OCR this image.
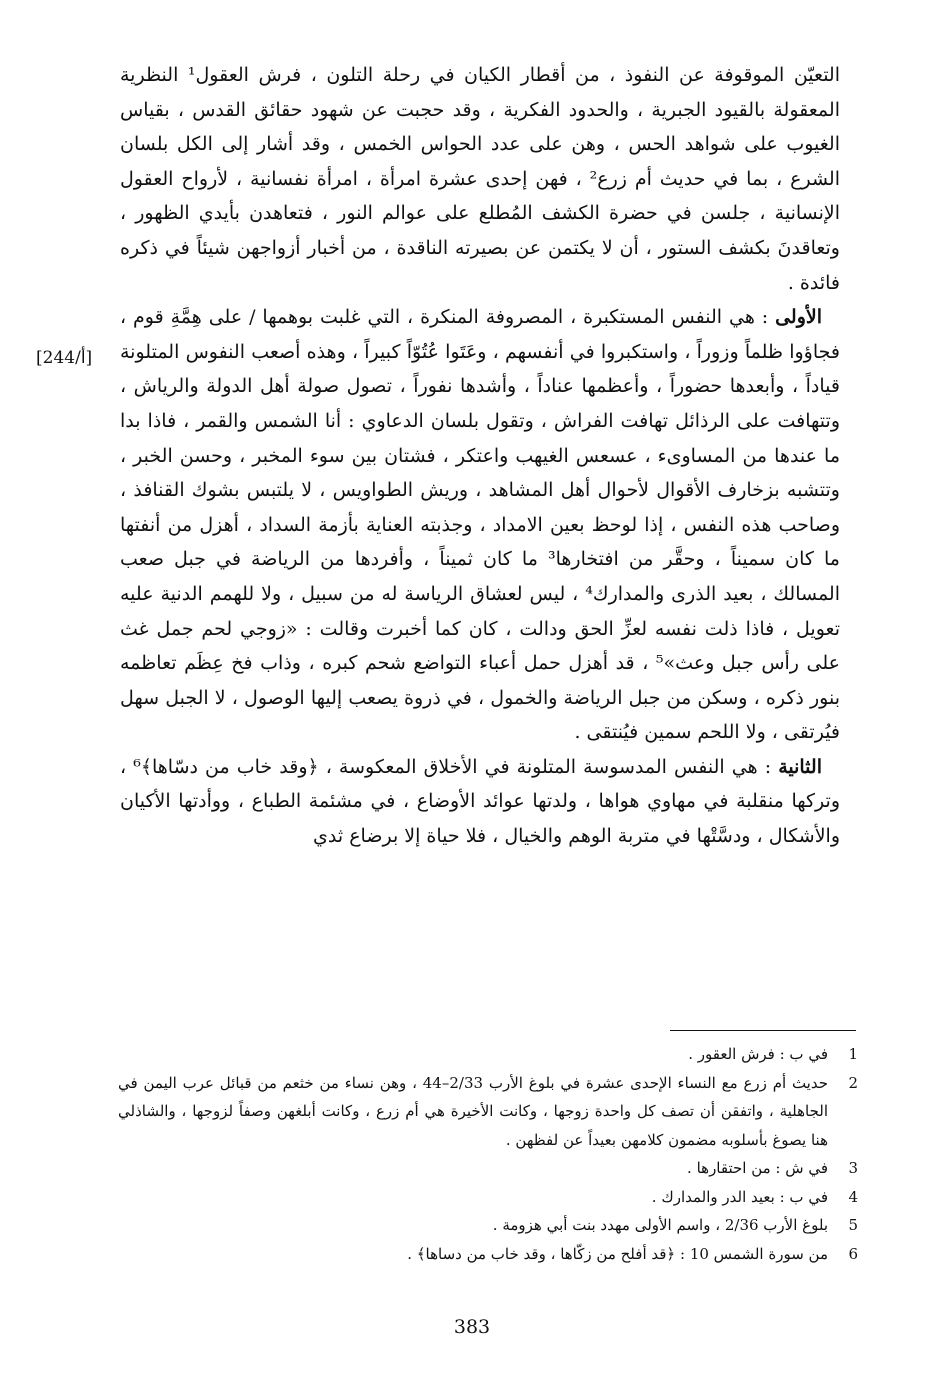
التعيّن الموقوفة عن النفوذ ، من أقطار الكيان في رحلة التلون ، فرش العقول¹ النظرية المعقولة بالقيود الجبرية ، والحدود الفكرية ، وقد حجبت عن شهود حقائق القدس ، بقياس الغيوب على شواهد الحس ، وهن على عدد الحواس الخمس ، وقد أشار إلى الكل بلسان الشرع ، بما في حديث أم زرع² ، فهن إحدى عشرة امرأة ، امرأة نفسانية ، لأرواح العقول الإنسانية ، جلسن في حضرة الكشف المُطلع على عوالم النور ، فتعاهدن بأيدي الظهور ، وتعاقدنَ بكشف الستور ، أن لا يكتمن عن بصيرته الناقدة ، من أخبار أزواجهن شيئاً في ذكره فائدة .

الأولى : هي النفس المستكبرة ، المصروفة المنكرة ، التي غلبت بوهمها / على هِمَّةِ قوم ، فجاؤوا ظلماً وزوراً ، واستكبروا في أنفسهم ، وعَتَوا عُتُوّاً كبيراً ، وهذه أصعب النفوس المتلونة قياداً ، وأبعدها حضوراً ، وأعظمها عناداً ، وأشدها نفوراً ، تصول صولة أهل الدولة والرياش ، وتتهافت على الرذائل تهافت الفراش ، وتقول بلسان الدعاوي : أنا الشمس والقمر ، فاذا بدا ما عندها من المساوىء ، عسعس الغيهب واعتكر ، فشتان بين سوء المخبر ، وحسن الخبر ، وتتشبه بزخارف الأقوال لأحوال أهل المشاهد ، وريش الطواويس ، لا يلتبس بشوك القنافذ ، وصاحب هذه النفس ، إذا لوحظ بعين الامداد ، وجذبته العناية بأزمة السداد ، أهزل من أنفتها ما كان سميناً ، وحقَّر من افتخارها³ ما كان ثميناً ، وأفردها من الرياضة في جبل صعب المسالك ، بعيد الذرى والمدارك⁴ ، ليس لعشاق الرياسة له من سبيل ، ولا للهمم الدنية عليه تعويل ، فاذا ذلت نفسه لعزِّ الحق ودالت ، كان كما أخبرت وقالت : «زوجي لحم جمل غث على رأس جبل وعث»⁵ ، قد أهزل حمل أعباء التواضع شحم كبره ، وذاب فخ عِظَم تعاظمه بنور ذكره ، وسكن من جبل الرياضة والخمول ، في ذروة يصعب إليها الوصول ، لا الجبل سهل فيُرتقى ، ولا اللحم سمين فيُنتقى .

الثانية : هي النفس المدسوسة المتلونة في الأخلاق المعكوسة ، ﴿وقد خاب من دسّاها﴾⁶ ، وتركها منقلبة في مهاوي هواها ، ولدتها عوائد الأوضاع ، في مشئمة الطباع ، ووأدتها الأكيان والأشكال ، ودسَّتْها في متربة الوهم والخيال ، فلا حياة إلا برضاع ثدي

[244/أ]
1
في ب : فرش العقور .
2
حديث أم زرع مع النساء الإحدى عشرة في بلوغ الأرب 2/33–44 ، وهن نساء من خثعم من قبائل عرب اليمن في الجاهلية ، واتفقن أن تصف كل واحدة زوجها ، وكانت الأخيرة هي أم زرع ، وكانت أبلغهن وصفاً لزوجها ، والشاذلي هنا يصوغ بأسلوبه مضمون كلامهن بعيداً عن لفظهن .
3
في ش : من احتقارها .
4
في ب : بعيد الدر والمدارك .
5
بلوغ الأرب 2/36 ، واسم الأولى مهدد بنت أبي هزومة .
6
من سورة الشمس 10 : ﴿قد أفلح من زكّاها ، وقد خاب من دساها﴾ .
383
